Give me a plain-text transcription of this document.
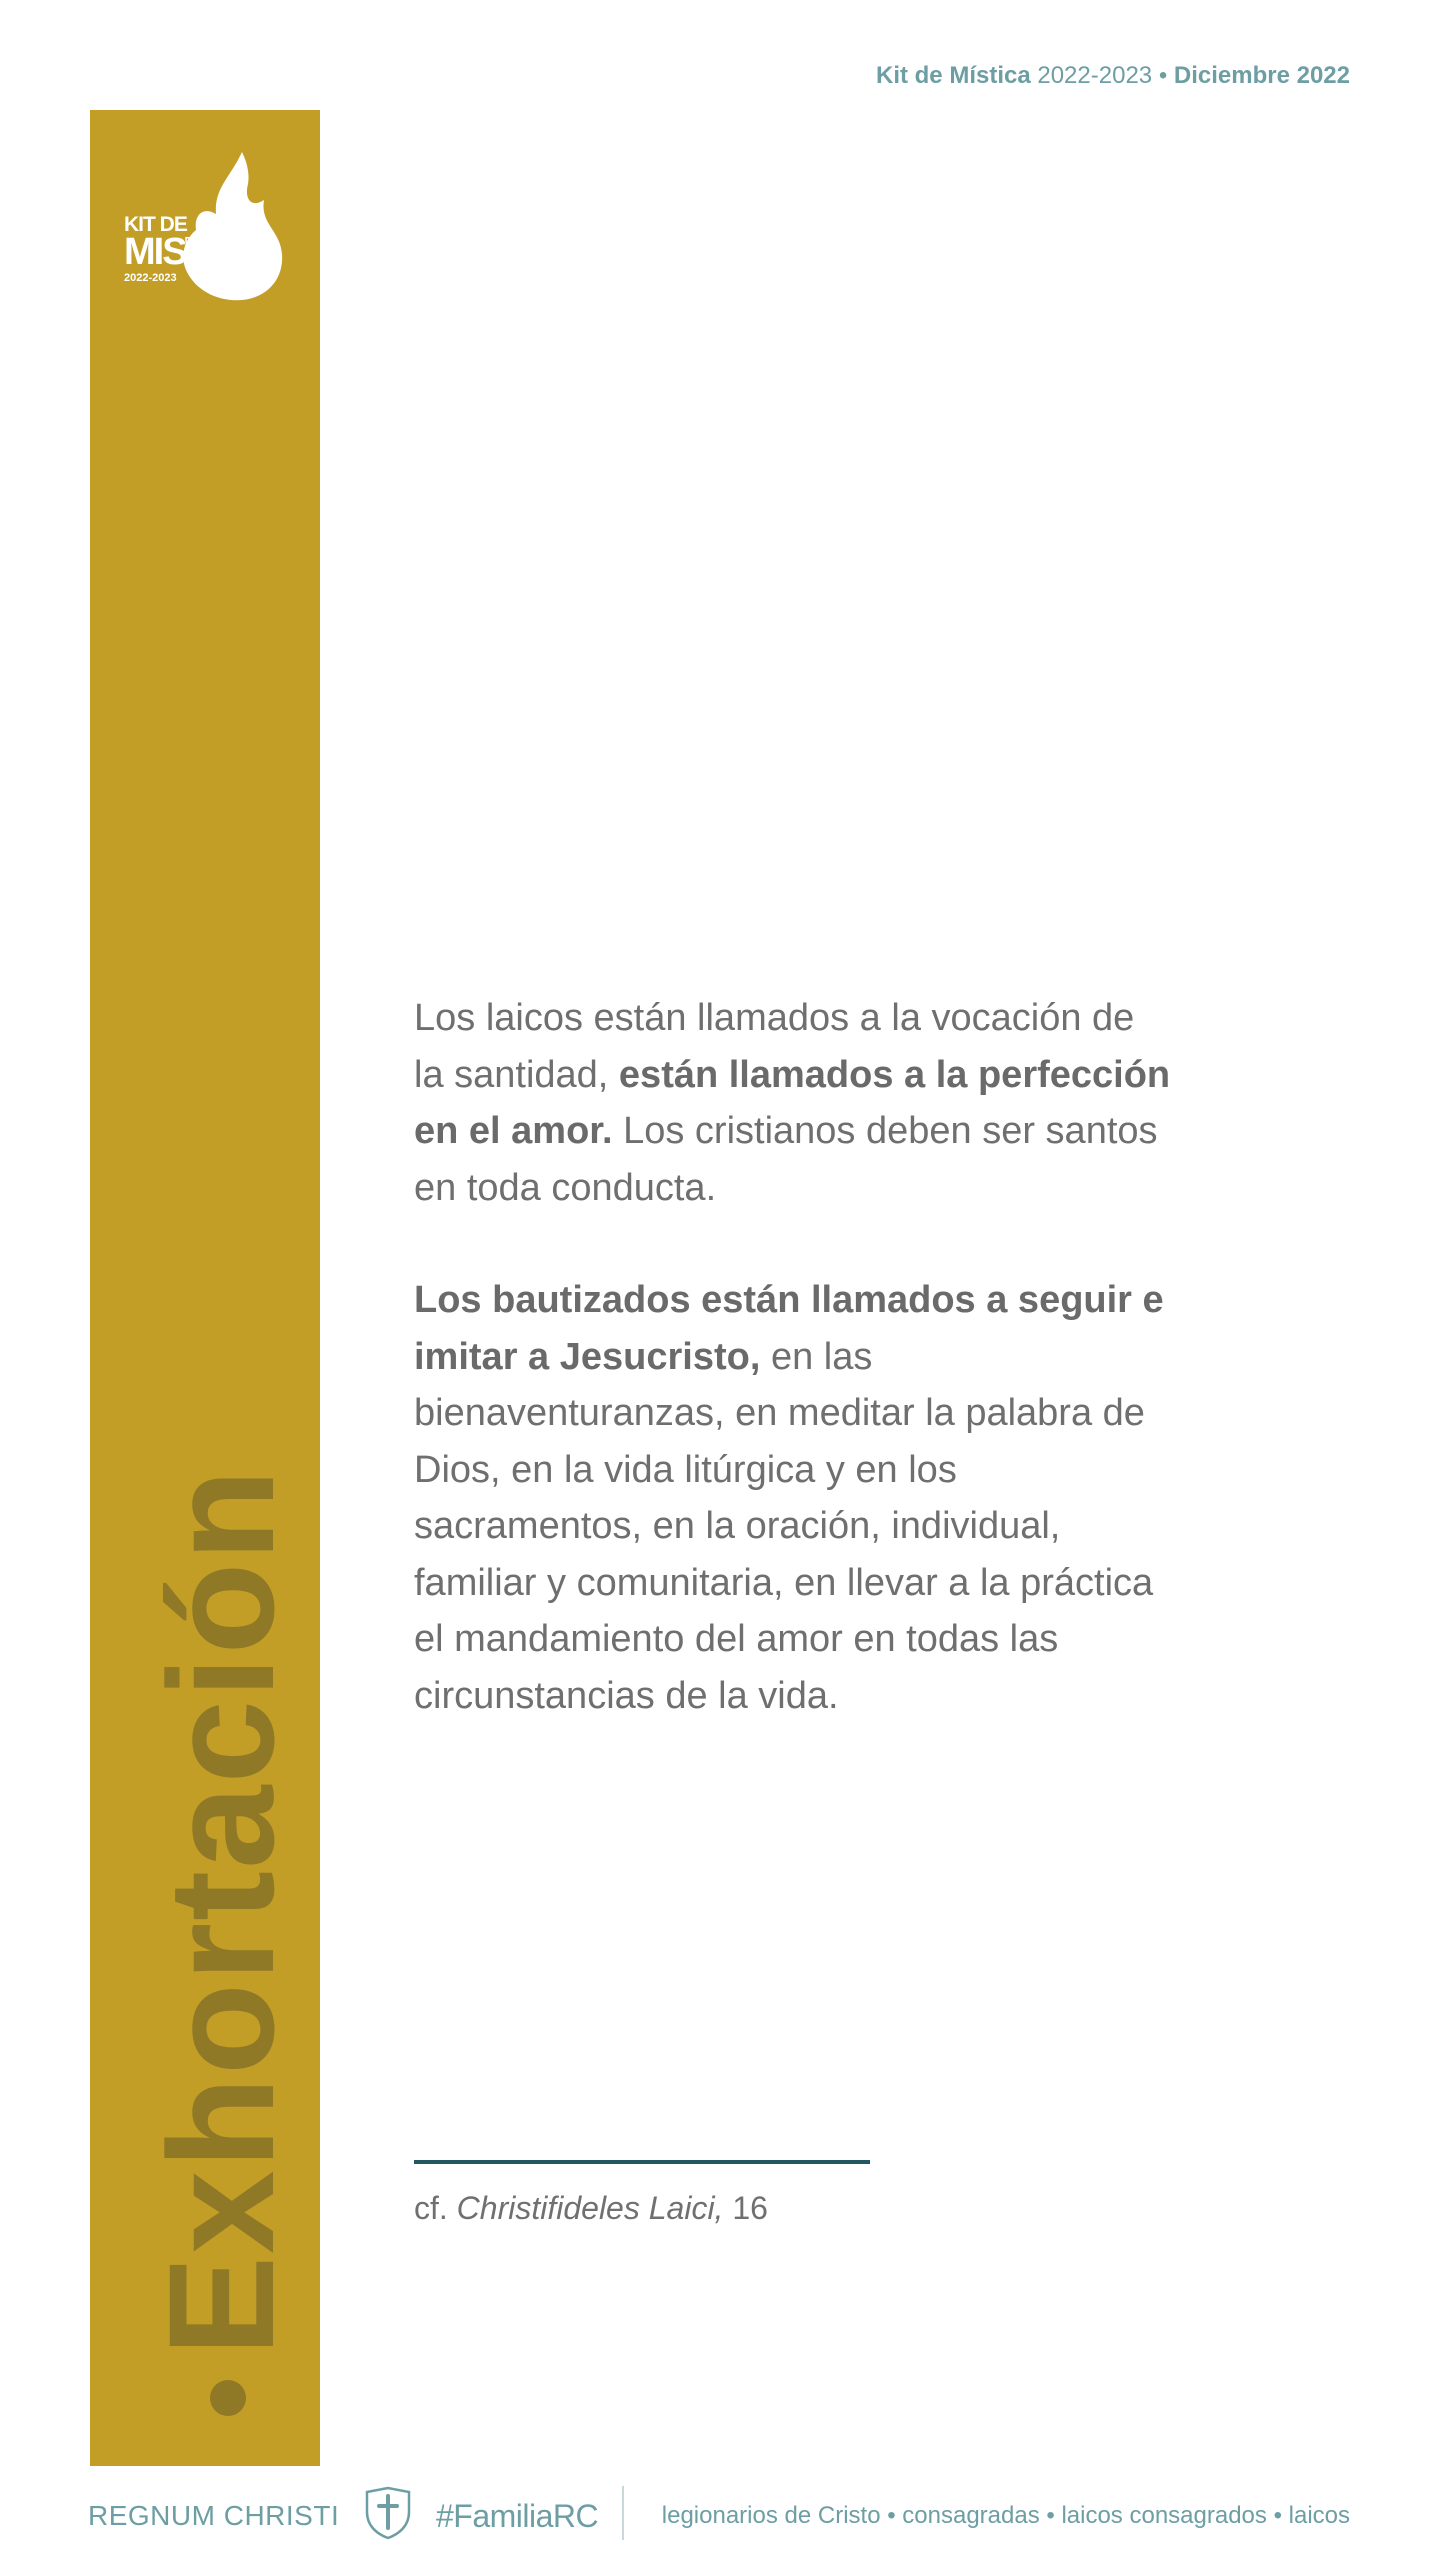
Kit de Mística 2022-2023 • Diciembre 2022
KIT DE
MISTICA
2022-2023
Exhortación

Los laicos están llamados a la vocación de la santidad, están llamados a la perfección en el amor. Los cristianos deben ser santos en toda conducta.

Los bautizados están llamados a seguir e imitar a Jesucristo, en las bienaventuranzas, en meditar la palabra de Dios, en la vida litúrgica y en los sacramentos, en la oración, individual, familiar y comunitaria, en llevar a la práctica el mandamiento del amor en todas las circunstancias de la vida.

cf. Christifideles Laici, 16
REGNUM CHRISTI	#FamiliaRC	legionarios de Cristo • consagradas • laicos consagrados • laicos
